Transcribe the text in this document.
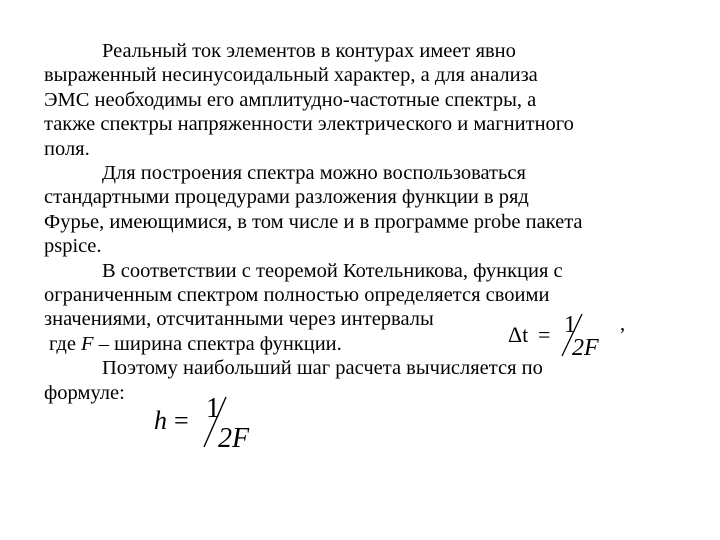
Реальный ток элементов в контурах имеет явно
выраженный несинусоидальный характер, а для анализа
ЭМС необходимы его амплитудно-частотные спектры, а
также спектры напряженности электрического и магнитного
поля.
Для построения спектра можно воспользоваться
стандартными процедурами разложения функции в ряд
Фурье, имеющимися, в том числе и в программе probe пакета
pspice.
В соответствии с теоремой Котельникова, функция с
ограниченным спектром полностью определяется своими
значениями, отсчитанными через интервалы
где F – ширина спектра функции.
Поэтому наибольший шаг расчета вычисляется по
формуле:
Δt = 1
2F
,
h = 1
2F
